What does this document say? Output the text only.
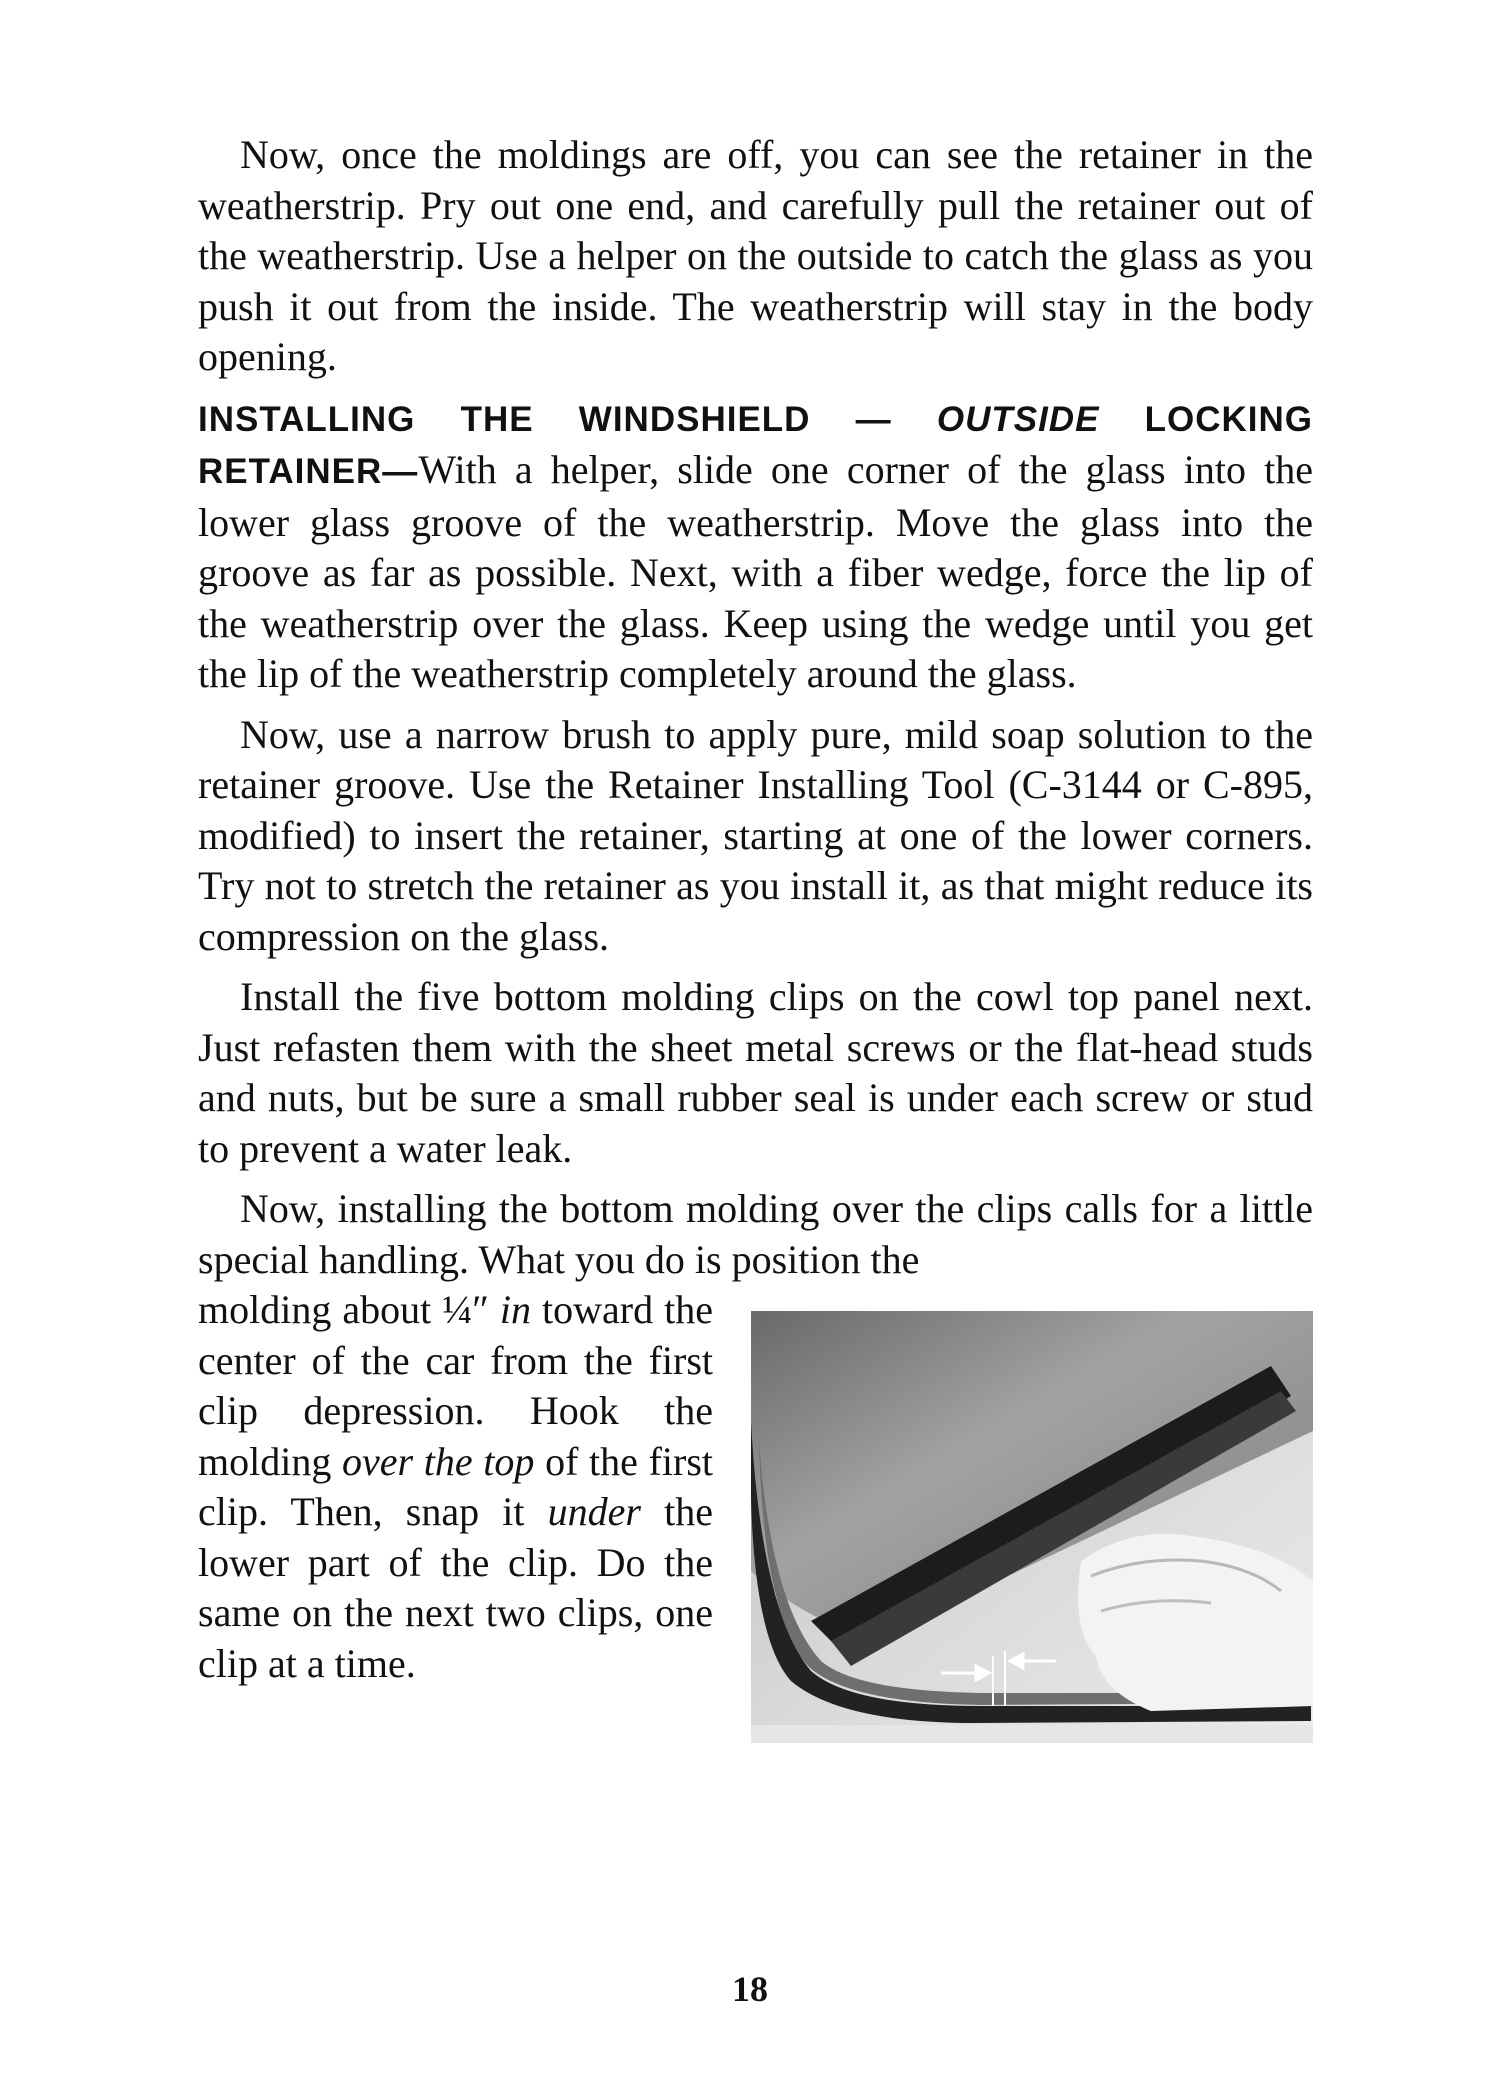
Now, once the moldings are off, you can see the retainer in the weatherstrip. Pry out one end, and carefully pull the retainer out of the weatherstrip. Use a helper on the outside to catch the glass as you push it out from the inside. The weatherstrip will stay in the body opening.

INSTALLING THE WINDSHIELD — OUTSIDE LOCKING RETAINER—With a helper, slide one corner of the glass into the lower glass groove of the weatherstrip. Move the glass into the groove as far as possible. Next, with a fiber wedge, force the lip of the weatherstrip over the glass. Keep using the wedge until you get the lip of the weatherstrip completely around the glass.

Now, use a narrow brush to apply pure, mild soap solution to the retainer groove. Use the Retainer Installing Tool (C-3144 or C-895, modified) to insert the retainer, starting at one of the lower corners. Try not to stretch the retainer as you install it, as that might reduce its compression on the glass.

Install the five bottom molding clips on the cowl top panel next. Just refasten them with the sheet metal screws or the flat-head studs and nuts, but be sure a small rubber seal is under each screw or stud to prevent a water leak.

Now, installing the bottom molding over the clips calls for a little special handling. What you do is position the

molding about ¼″ in toward the center of the car from the first clip depression. Hook the molding over the top of the first clip. Then, snap it under the lower part of the clip. Do the same on the next two clips, one clip at a time.

18
